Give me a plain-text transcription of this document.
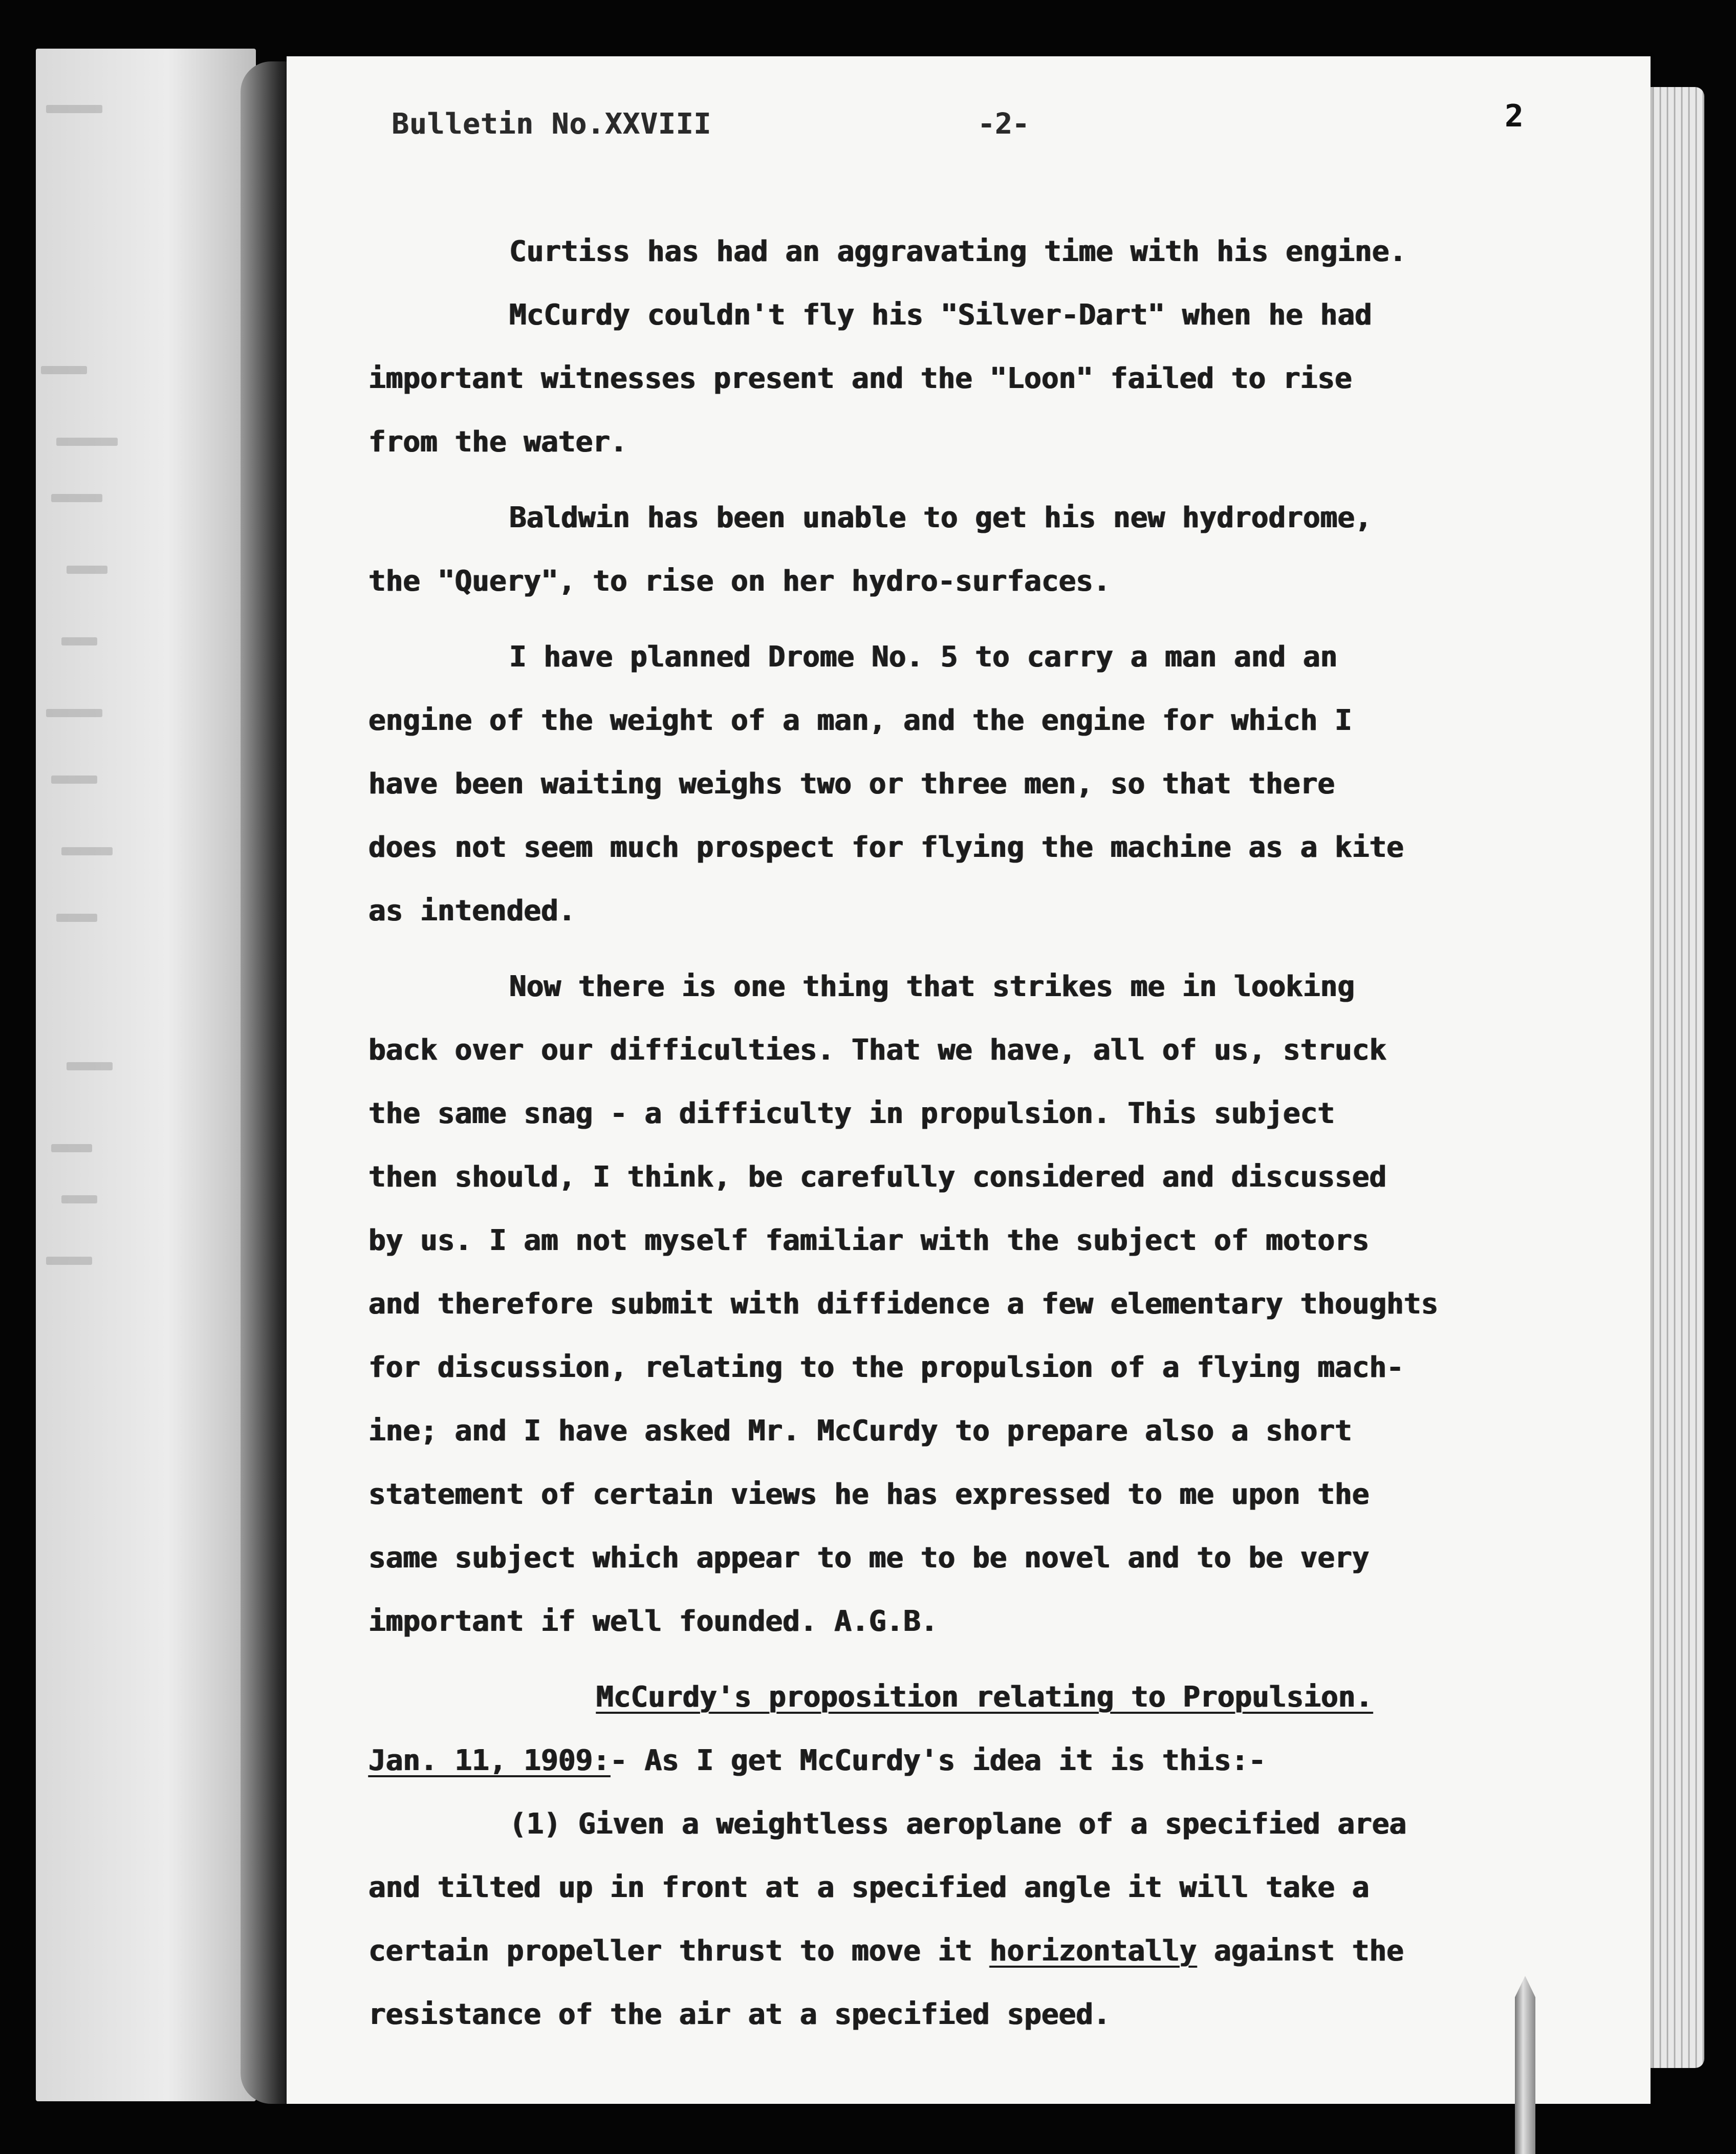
Bulletin No.XXVIII	-2-	2
Curtiss has had an aggravating time with his engine.
McCurdy couldn't fly his "Silver-Dart" when he had
important witnesses present and the "Loon" failed to rise
from the water.
Baldwin has been unable to get his new hydrodrome,
the "Query", to rise on her hydro-surfaces.
I have planned Drome No. 5 to carry a man and an
engine of the weight of a man, and the engine for which I
have been waiting weighs two or three men, so that there
does not seem much prospect for flying the machine as a kite
as intended.
Now there is one thing that strikes me in looking
back over our difficulties. That we have, all of us, struck
the same snag - a difficulty in propulsion. This subject
then should, I think, be carefully considered and discussed
by us. I am not myself familiar with the subject of motors
and therefore submit with diffidence a few elementary thoughts
for discussion, relating to the propulsion of a flying mach-
ine; and I have asked Mr. McCurdy to prepare also a short
statement of certain views he has expressed to me upon the
same subject which appear to me to be novel and to be very
important if well founded. A.G.B.
McCurdy's proposition relating to Propulsion.
Jan. 11, 1909:- As I get McCurdy's idea it is this:-
(1) Given a weightless aeroplane of a specified area
and tilted up in front at a specified angle it will take a
certain propeller thrust to move it horizontally against the
resistance of the air at a specified speed.
